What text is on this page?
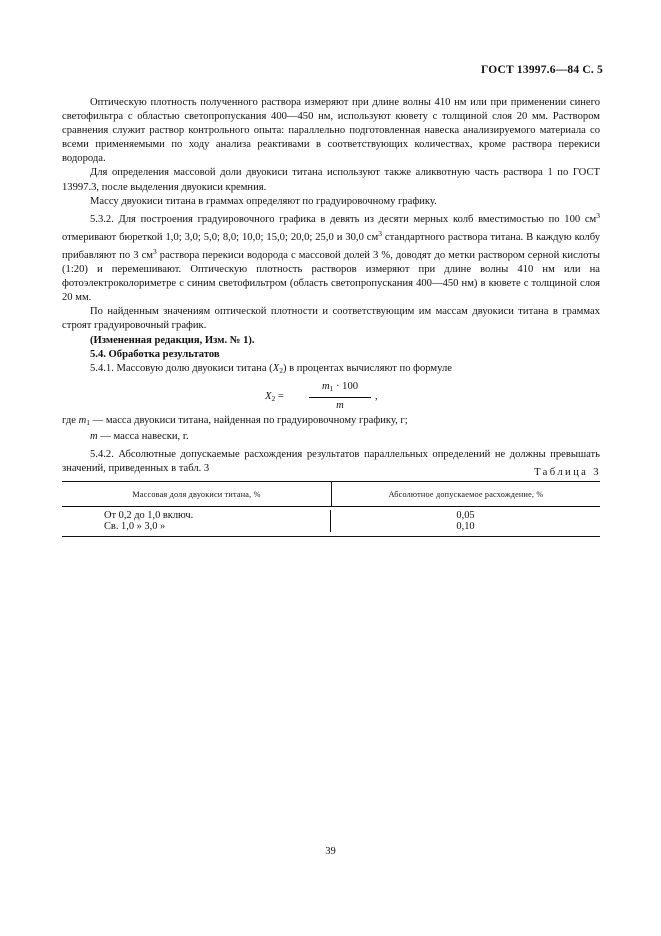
ГОСТ 13997.6—84 С. 5

Оптическую плотность полученного раствора измеряют при длине волны 410 нм или при применении синего светофильтра с областью светопропускания 400—450 нм, используют кювету с толщиной слоя 20 мм. Раствором сравнения служит раствор контрольного опыта: параллельно подготовленная навеска анализируемого материала со всеми применяемыми по ходу анализа реактивами в соответствующих количествах, кроме раствора перекиси водорода.

Для определения массовой доли двуокиси титана используют также аликвотную часть раствора 1 по ГОСТ 13997.3, после выделения двуокиси кремния.

Массу двуокиси титана в граммах определяют по градуировочному графику.

5.3.2. Для построения градуировочного графика в девять из десяти мерных колб вместимостью по 100 $см^3$ отмеривают бюреткой 1,0; 3,0; 5,0; 8,0; 10,0; 15,0; 20,0; 25,0 и 30,0 $см^3$ стандартного раствора титана. В каждую колбу прибавляют по 3 $см^3$ раствора перекиси водорода с массовой долей 3 %, доводят до метки раствором серной кислоты (1:20) и перемешивают. Оптическую плотность растворов измеряют при длине волны 410 нм или на фотоэлектроколориметре с синим светофильтром (область светопропускания 400—450 нм) в кювете с толщиной слоя 20 мм.

По найденным значениям оптической плотности и соответствующим им массам двуокиси титана в граммах строят градуировочный график.

(Измененная редакция, Изм. № 1).

5.4. Обработка результатов

5.4.1. Массовую долю двуокиси титана $(X_2)$ в процентах вычисляют по формуле

$X_2 = \frac{m_1 \cdot 100}{m}$ ,

где $m_1$ — масса двуокиси титана, найденная по градуировочному графику, г;

m — масса навески, г.

5.4.2. Абсолютные допускаемые расхождения результатов параллельных определений не должны превышать значений, приведенных в табл. 3	Таблица 3
Массовая доля двуокиси титана, %	Абсолютное допускаемое расхождение, %
От 0,2 до 1,0 включ.
Св. 1,0 » 3,0 »
0,05
0,10
39
